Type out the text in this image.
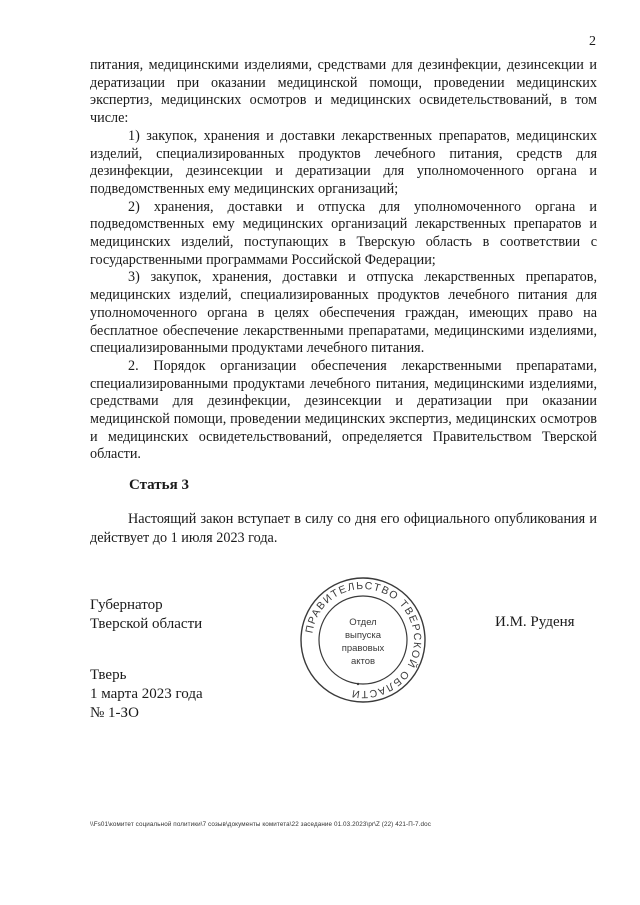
2

питания, медицинскими изделиями, средствами для дезинфекции, дезинсекции и дератизации при оказании медицинской помощи, проведении медицинских экспертиз, медицинских осмотров и медицинских освидетельствований, в том числе:

1) закупок, хранения и доставки лекарственных препаратов, медицинских изделий, специализированных продуктов лечебного питания, средств для дезинфекции, дезинсекции и дератизации для уполномоченного органа и подведомственных ему медицинских организаций;

2) хранения, доставки и отпуска для уполномоченного органа и подведомственных ему медицинских организаций лекарственных препаратов и медицинских изделий, поступающих в Тверскую область в соответствии с государственными программами Российской Федерации;

3) закупок, хранения, доставки и отпуска лекарственных препаратов, медицинских изделий, специализированных продуктов лечебного питания для уполномоченного органа в целях обеспечения граждан, имеющих право на бесплатное обеспечение лекарственными препаратами, медицинскими изделиями, специализированными продуктами лечебного питания.

2. Порядок организации обеспечения лекарственными препаратами, специализированными продуктами лечебного питания, медицинскими изделиями, средствами для дезинфекции, дезинсекции и дератизации при оказании медицинской помощи, проведении медицинских экспертиз, медицинских осмотров и медицинских освидетельствований, определяется Правительством Тверской области.

Статья 3

Настоящий закон вступает в силу со дня его официального опубликования и действует до 1 июля 2023 года.

Губернатор
Тверской области	И.М. Руденя
Тверь
1 марта 2023 года
№ 1-ЗО
ПРАВИТЕЛЬСТВО ТВЕРСКОЙ ОБЛАСТИ
Отдел
выпуска
правовых
актов
\\Fs01\комитет социальной политики\7 созыв\документы комитета\22 заседание 01.03.2023\pr\Z (22) 421-П-7.doc
